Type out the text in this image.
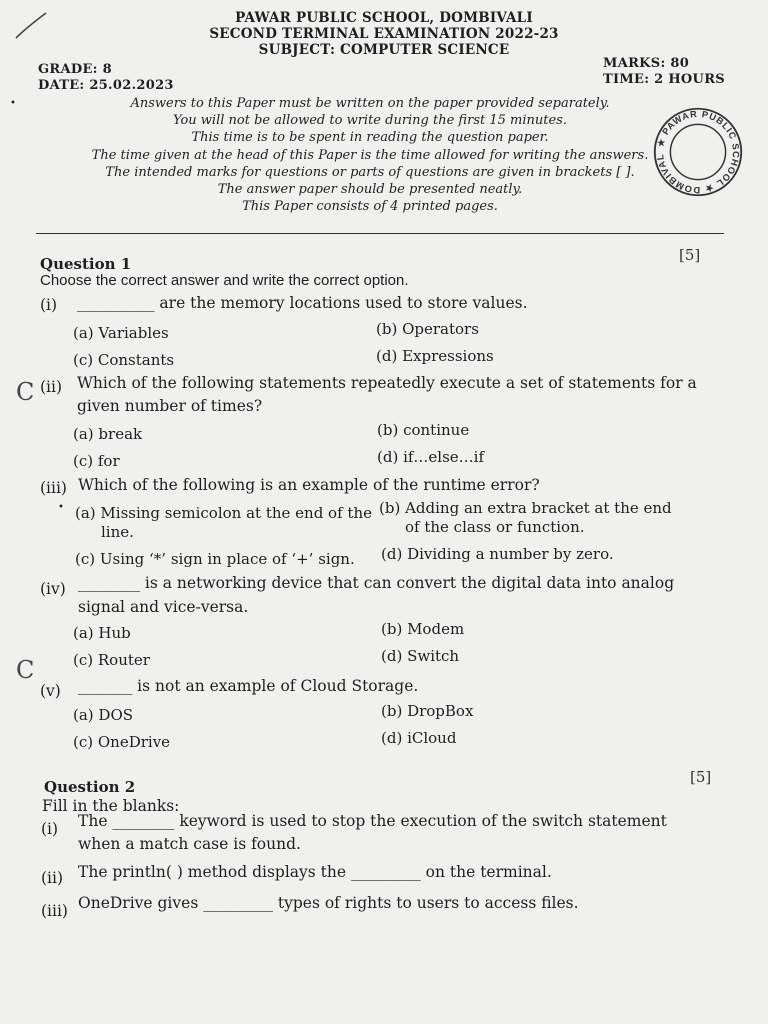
PAWAR PUBLIC SCHOOL, DOMBIVALI
SECOND TERMINAL EXAMINATION 2022-23
SUBJECT: COMPUTER SCIENCE
GRADE: 8
DATE: 25.02.2023
MARKS: 80
TIME: 2 HOURS
•	Answers to this Paper must be written on the paper provided separately.
You will not be allowed to write during the first 15 minutes.
This time is to be spent in reading the question paper.
The time given at the head of this Paper is the time allowed for writing the answers.
The intended marks for questions or parts of questions are given in brackets [ ].
The answer paper should be presented neatly.
This Paper consists of 4 printed pages.
★ PAWAR PUBLIC SCHOOL ★ DOMBIVAL
Question 1	[5]
Choose the correct answer and write the correct option.
(i) __________ are the memory locations used to store values.
(a) Variables	(b) Operators
(c) Constants	(d) Expressions
C (ii) Which of the following statements repeatedly execute a set of statements for a
given number of times?
(a) break	(b) continue
(c) for	(d) if…else…if
(iii) Which of the following is an example of the runtime error?
• (a) Missing semicolon at the end of the
line.
(b) Adding an extra bracket at the end
of the class or function.
(c) Using ‘*’ sign in place of ‘+’ sign. (d) Dividing a number by zero.
(iv) ________ is a networking device that can convert the digital data into analog
signal and vice-versa.
(a) Hub	(b) Modem
C	(c) Router	(d) Switch
(v) _______ is not an example of Cloud Storage.
(a) DOS	(b) DropBox
(c) OneDrive	(d) iCloud
Question 2
[5]
Fill in the blanks:
(i) The ________ keyword is used to stop the execution of the switch statement
when a match case is found.
(ii) The println( ) method displays the _________ on the terminal.
(iii) OneDrive gives _________ types of rights to users to access files.
